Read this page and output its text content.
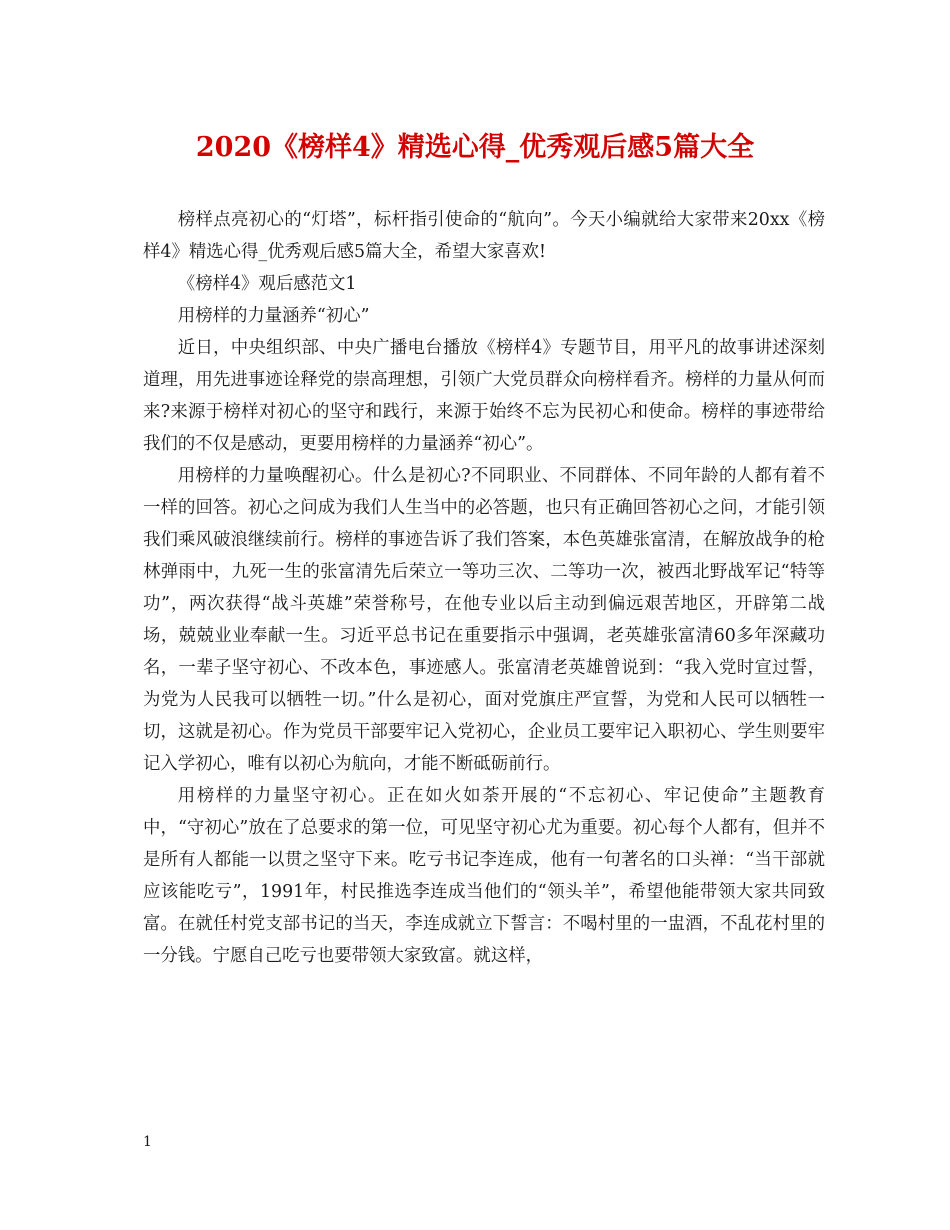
2020《榜样4》精选心得_优秀观后感5篇大全

榜样点亮初心的“灯塔”，标杆指引使命的“航向”。今天小编就给大家带来20xx《榜样4》精选心得_优秀观后感5篇大全，希望大家喜欢!

《榜样4》观后感范文1

用榜样的力量涵养“初心”

近日，中央组织部、中央广播电台播放《榜样4》专题节目，用平凡的故事讲述深刻道理，用先进事迹诠释党的崇高理想，引领广大党员群众向榜样看齐。榜样的力量从何而来?来源于榜样对初心的坚守和践行，来源于始终不忘为民初心和使命。榜样的事迹带给我们的不仅是感动，更要用榜样的力量涵养“初心”。

用榜样的力量唤醒初心。什么是初心?不同职业、不同群体、不同年龄的人都有着不一样的回答。初心之问成为我们人生当中的必答题，也只有正确回答初心之问，才能引领我们乘风破浪继续前行。榜样的事迹告诉了我们答案，本色英雄张富清，在解放战争的枪林弹雨中，九死一生的张富清先后荣立一等功三次、二等功一次，被西北野战军记“特等功”，两次获得“战斗英雄”荣誉称号，在他专业以后主动到偏远艰苦地区，开辟第二战场，兢兢业业奉献一生。习近平总书记在重要指示中强调，老英雄张富清60多年深藏功名，一辈子坚守初心、不改本色，事迹感人。张富清老英雄曾说到：“我入党时宣过誓，为党为人民我可以牺牲一切。”什么是初心，面对党旗庄严宣誓，为党和人民可以牺牲一切，这就是初心。作为党员干部要牢记入党初心，企业员工要牢记入职初心、学生则要牢记入学初心，唯有以初心为航向，才能不断砥砺前行。

用榜样的力量坚守初心。正在如火如荼开展的“不忘初心、牢记使命”主题教育中，“守初心”放在了总要求的第一位，可见坚守初心尤为重要。初心每个人都有，但并不是所有人都能一以贯之坚守下来。吃亏书记李连成，他有一句著名的口头禅：“当干部就应该能吃亏”，1991年，村民推选李连成当他们的“领头羊”，希望他能带领大家共同致富。在就任村党支部书记的当天，李连成就立下誓言：不喝村里的一盅酒，不乱花村里的一分钱。宁愿自己吃亏也要带领大家致富。就这样，

1
